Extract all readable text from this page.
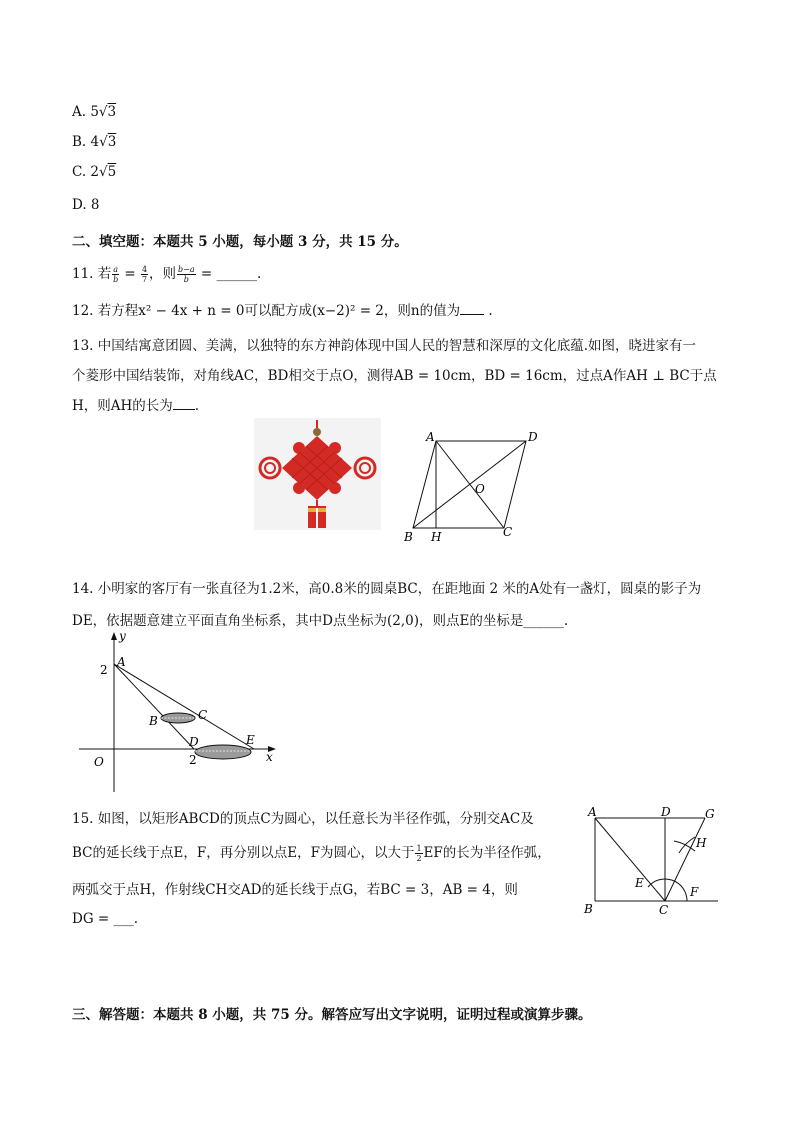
A. 5√3
B. 4√3
C. 2√5
D. 8
二、填空题：本题共 5 小题，每小题 3 分，共 15 分。
11. 若 $\frac{a}{b} = \frac{4}{7}$ ，则 $\frac{b-a}{b}$ = ______.
12. 若方程x² − 4x + n = 0可以配方成(x−2)² = 2，则n的值为 .
13. 中国结寓意团圆、美满，以独特的东方神韵体现中国人民的智慧和深厚的文化底蕴.如图，晓进家有一
个菱形中国结装饰，对角线AC，BD相交于点O，测得AB = 10cm，BD = 16cm，过点A作AH ⊥ BC于点
H，则AH的长为 .
A	D
O
B H	C
14. 小明家的客厅有一张直径为1.2米，高0.8米的圆桌BC，在距地面 2 米的A处有一盏灯，圆桌的影子为
DE，依据题意建立平面直角坐标系，其中D点坐标为(2,0)，则点E的坐标是______.
y
x
2
2
O
A
B	C
D	E
15. 如图，以矩形ABCD的顶点C为圆心，以任意长为半径作弧，分别交AC及
BC的延长线于点E，F，再分别以点E，F为圆心，以大于 $\frac{1}{2}$ EF的长为半径作弧，
两弧交于点H，作射线CH交AD的延长线于点G，若BC = 3，AB = 4，则
DG = ___.
A	D	G
H
E
F
B	C
三、解答题：本题共 8 小题，共 75 分。解答应写出文字说明，证明过程或演算步骤。
